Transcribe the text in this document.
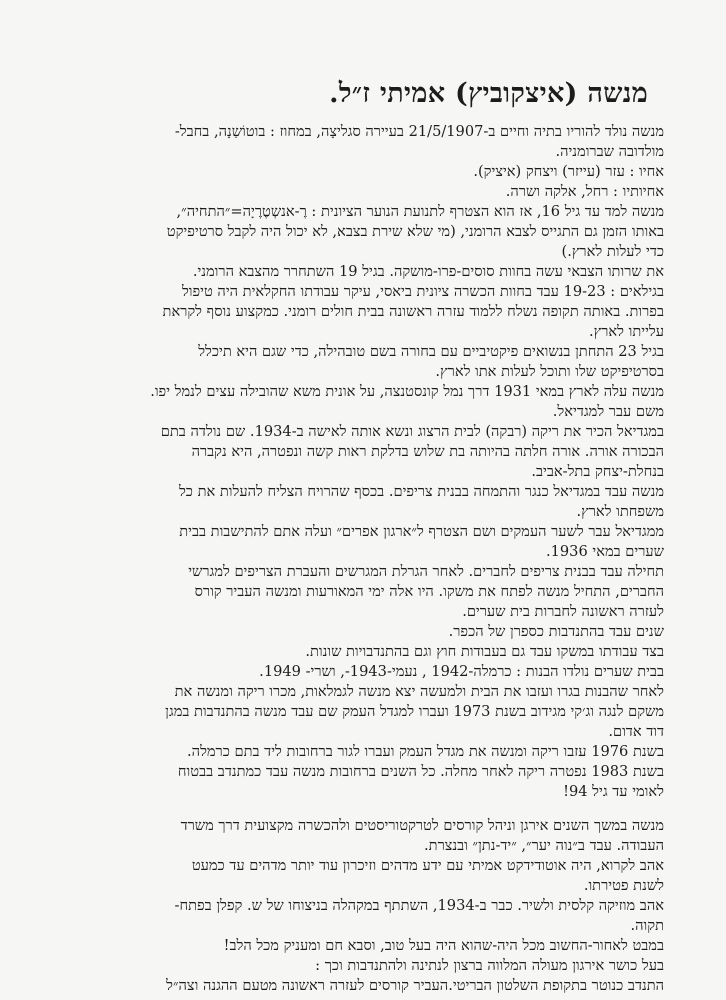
מנשה (איצקוביץ) אמיתי ז״ל.
מנשה נולד להוריו בתיה וחיים ב-21/5/1907 בעיירה סגליצָה, במחוז : בוטוֹשַנָה, בחבל-
מולדובה שברומניה.
אחיו : עזר (עייזר) ויצחק (איציק).
אחיותיו : רחל, אלקה ושרה.
מנשה למד עד גיל 16, אז הוא הצטרף לתנועת הנוער הציונית : רֶ-אנשְטֶרֶיָה=״התחיה״,
באותו הזמן גם התגייס לצבא הרומני, (מי שלא שירת בצבא, לא יכול היה לקבל סרטיפיקט
כדי לעלות לארץ.)
את שרותו הצבאי עשה בחוות סוסים-פרו-מושקה. בגיל 19 השתחרר מהצבא הרומני.
בגילאים : 19-23 עבד בחוות הכשרה ציונית ביאסי, עיקר עבודתו החקלאית היה טיפול
בפרות. באותה תקופה נשלח ללמוד עזרה ראשונה בבית חולים רומני. כמקצוע נוסף לקראת
עלייתו לארץ.
בגיל 23 התחתן בנשואים פיקטיביים עם בחורה בשם טובהילה, כדי שגם היא תיכלל
בסרטיפיקט שלו ותוכל לעלות אתו לארץ.
מנשה עלה לארץ במאי 1931 דרך נמל קונסטנצה, על אונית משא שהובילה עצים לנמל יפו.
משם עבר למגדיאל.
במגדיאל הכיר את ריקה (רבקה) לבית הרצוג ונשא אותה לאישה ב-1934. שם נולדה בתם
הבכורה אורה. אורה חלתה בהיותה בת שלוש בדלקת ראות קשה ונפטרה, היא נקברה
בנחלת-יצחק בתל-אביב.
מנשה עבד במגדיאל כנגר והתמחה בבנית צריפים. בכסף שהרויח הצליח להעלות את כל
משפחתו לארץ.
ממגדיאל עבר לשער העמקים ושם הצטרף ל״ארגון אפרים״ ועלה אתם להתישבות בבית
שערים במאי 1936.
תחילה עבד בבנית צריפים לחברים. לאחר הגרלת המגרשים והעברת הצריפים למגרשי
החברים, התחיל מנשה לפתח את משקו. היו אלה ימי המאורעות ומנשה העביר קורס
לעזרה ראשונה לחברות בית שערים.
שנים עבד בהתנדבות כספרן של הכפר.
בצד עבודתו במשקו עבד גם בעבודות חוץ וגם בהתנדבויות שונות.
בבית שערים נולדו הבנות : כרמלה-1942 , נעמי-1943-, ושרי- 1949.
לאחר שהבנות בגרו ועזבו את הבית ולמעשה יצא מנשה לגמלאות, מכרו ריקה ומנשה את
משקם לנגה וג׳קי מגידוב בשנת 1973 ועברו למגדל העמק שם עבד מנשה בהתנדבות במגן
דוד אדום.
בשנת 1976 עזבו ריקה ומנשה את מגדל העמק ועברו לגור ברחובות ליד בתם כרמלה.
בשנת 1983 נפטרה ריקה לאחר מחלה. כל השנים ברחובות מנשה עבד כמתנדב בבטוח
לאומי עד גיל 94!
מנשה במשך השנים אירגן וניהל קורסים לטרקטוריסטים ולהכשרה מקצועית דרך משרד
העבודה. עבד ב״נוה יער״, ״יד-נתן״ ובנצרת.
אהב לקרוא, היה אוטודידקט אמיתי עם ידע מדהים וזיכרון עוד יותר מדהים עד כמעט
לשנת פטירתו.
אהב מוזיקה קלסית ולשיר. כבר ב-1934, השתתף במקהלה בניצוחו של ש. קפלן בפתח-
תקוה.
במבט לאחור-החשוב מכל היה-שהוא היה בעל טוב, וסבא חם ומעניק מכל הלב!
בעל כושר אירגון מעולה המלווה ברצון לנתינה ולהתנדבות וכך :
התנדב כנוטר בתקופת השלטון הבריטי.העביר קורסים לעזרה ראשונה מטעם ההגנה וצה״ל
